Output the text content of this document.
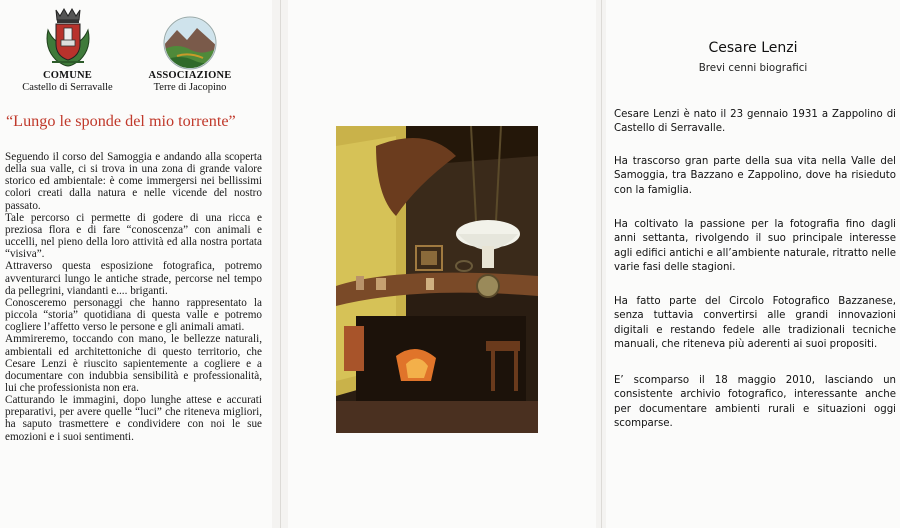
COMUNE
Castello di Serravalle
ASSOCIAZIONE
Terre di Jacopino
“Lungo le sponde del mio torrente”

Seguendo il corso del Samoggia e andando alla scoperta della sua valle, ci si trova in una zona di grande valore storico ed ambientale: è come immergersi nei bellissimi colori creati dalla natura e nelle vicende del nostro passato.

Tale percorso ci permette di godere di una ricca e preziosa flora e di fare “conoscenza” con animali e uccelli, nel pieno della loro attività ed alla nostra portata “visiva”.

Attraverso questa esposizione fotografica, potremo avventurarci lungo le antiche strade, percorse nel tempo da pellegrini, viandanti e.... briganti.

Conosceremo personaggi che hanno rappresentato la piccola “storia” quotidiana di questa valle e potremo cogliere l’affetto verso le persone e gli animali amati.

Ammireremo, toccando con mano, le bellezze naturali, ambientali ed architettoniche di questo territorio, che Cesare Lenzi è riuscito sapientemente a cogliere e a documentare con indubbia sensibilità e professionalità, lui che professionista non era.

Catturando le immagini, dopo lunghe attese e accurati preparativi, per avere quelle “luci” che riteneva migliori, ha saputo trasmettere e condividere con noi le sue emozioni e i suoi sentimenti.

Cesare Lenzi
Brevi cenni biografici

Cesare Lenzi è nato il 23 gennaio 1931 a Zappolino di Castello di Serravalle.

Ha trascorso gran parte della sua vita nella Valle del Samoggia, tra Bazzano e Zappolino, dove ha risieduto con la famiglia.

Ha coltivato la passione per la fotografia fino dagli anni settanta, rivolgendo il suo principale interesse agli edifici antichi e all’ambiente naturale, ritratto nelle varie fasi delle stagioni.

Ha fatto parte del Circolo Fotografico Bazzanese, senza tuttavia convertirsi alle grandi innovazioni digitali e restando fedele alle tradizionali tecniche manuali, che riteneva più aderenti ai suoi propositi.

E’ scomparso il 18 maggio 2010, lasciando un consistente archivio fotografico, interessante anche per documentare ambienti rurali e situazioni oggi scomparse.
